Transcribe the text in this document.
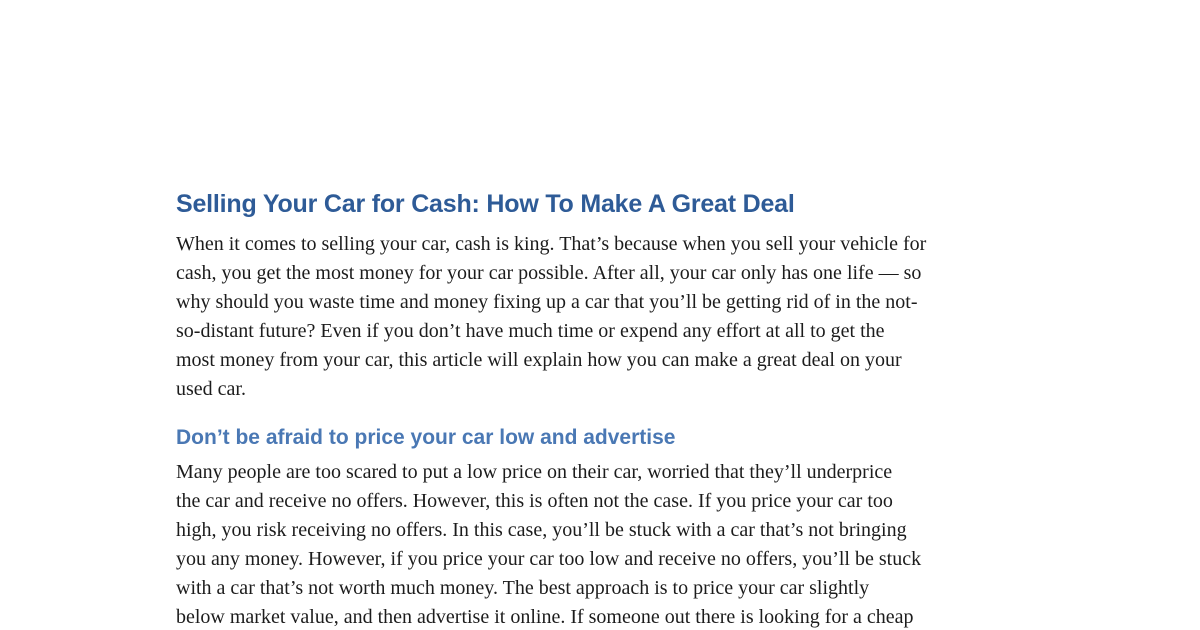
Selling Your Car for Cash: How To Make A Great Deal

When it comes to selling your car, cash is king. That’s because when you sell your vehicle for
cash, you get the most money for your car possible. After all, your car only has one life — so
why should you waste time and money fixing up a car that you’ll be getting rid of in the not-
so-distant future? Even if you don’t have much time or expend any effort at all to get the
most money from your car, this article will explain how you can make a great deal on your
used car.

Don’t be afraid to price your car low and advertise

Many people are too scared to put a low price on their car, worried that they’ll underprice
the car and receive no offers. However, this is often not the case. If you price your car too
high, you risk receiving no offers. In this case, you’ll be stuck with a car that’s not bringing
you any money. However, if you price your car too low and receive no offers, you’ll be stuck
with a car that’s not worth much money. The best approach is to price your car slightly
below market value, and then advertise it online. If someone out there is looking for a cheap
